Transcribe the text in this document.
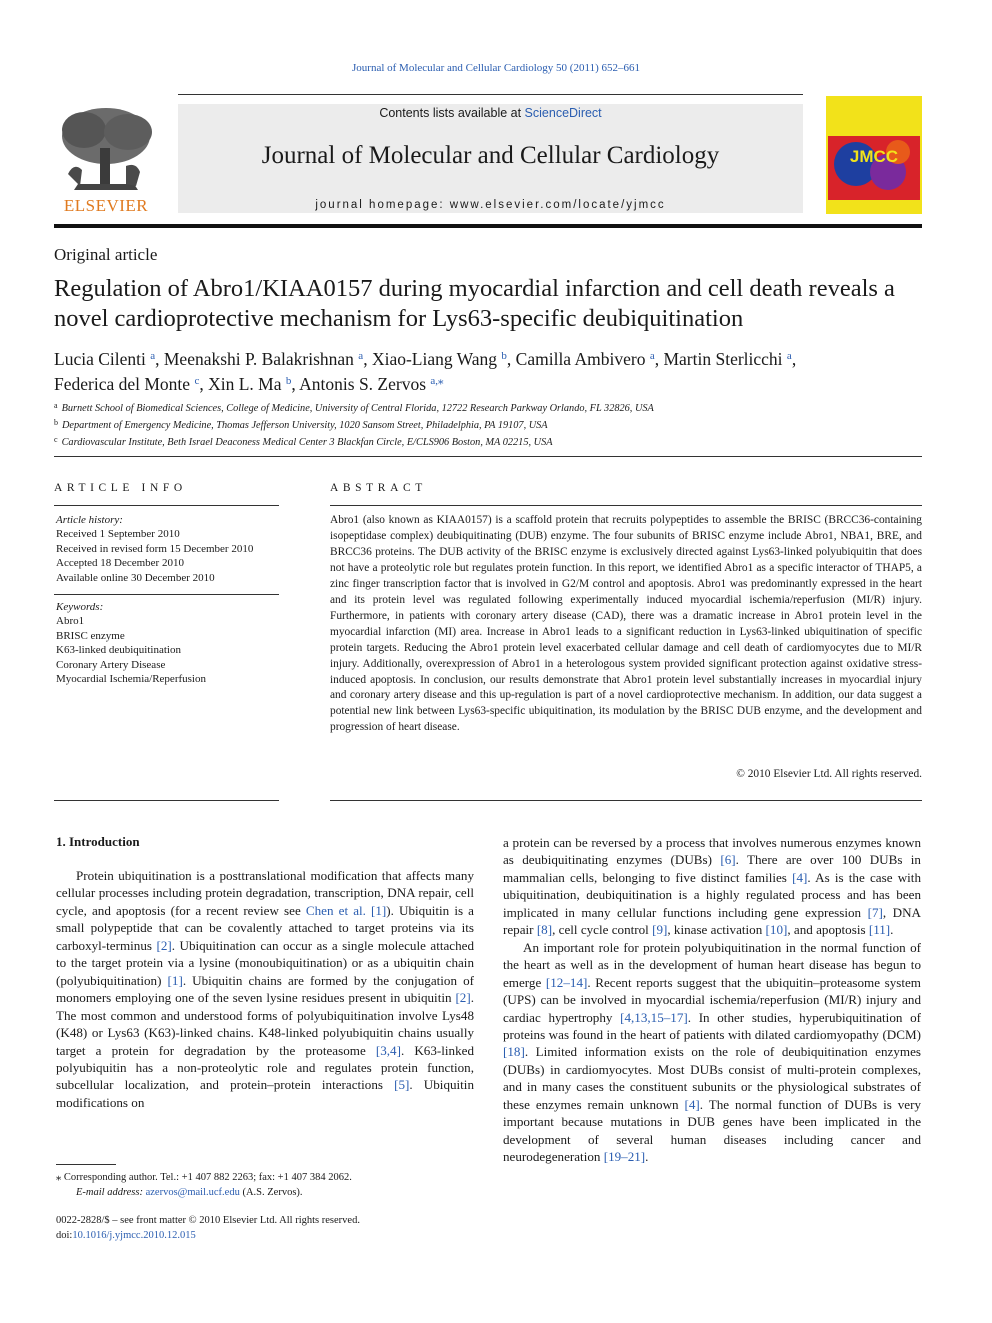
Journal of Molecular and Cellular Cardiology 50 (2011) 652–661
ELSEVIER
Contents lists available at ScienceDirect
Journal of Molecular and Cellular Cardiology
journal homepage: www.elsevier.com/locate/yjmcc
JMCC
Original article
Regulation of Abro1/KIAA0157 during myocardial infarction and cell death reveals a novel cardioprotective mechanism for Lys63-specific deubiquitination
Lucia Cilenti $^a$, Meenakshi P. Balakrishnan $^a$, Xiao-Liang Wang $^b$, Camilla Ambivero $^a$, Martin Sterlicchi $^a$,
Federica del Monte $^c$, Xin L. Ma $^b$, Antonis S. Zervos $^{a,⁎}$
$^a$ Burnett School of Biomedical Sciences, College of Medicine, University of Central Florida, 12722 Research Parkway Orlando, FL 32826, USA
$^b$ Department of Emergency Medicine, Thomas Jefferson University, 1020 Sansom Street, Philadelphia, PA 19107, USA
$^c$ Cardiovascular Institute, Beth Israel Deaconess Medical Center 3 Blackfan Circle, E/CLS906 Boston, MA 02215, USA
ARTICLE INFO
Article history:
Received 1 September 2010
Received in revised form 15 December 2010
Accepted 18 December 2010
Available online 30 December 2010
Keywords:
Abro1
BRISC enzyme
K63-linked deubiquitination
Coronary Artery Disease
Myocardial Ischemia/Reperfusion
ABSTRACT
Abro1 (also known as KIAA0157) is a scaffold protein that recruits polypeptides to assemble the BRISC (BRCC36-containing isopeptidase complex) deubiquitinating (DUB) enzyme. The four subunits of BRISC enzyme include Abro1, NBA1, BRE, and BRCC36 proteins. The DUB activity of the BRISC enzyme is exclusively directed against Lys63-linked polyubiquitin that does not have a proteolytic role but regulates protein function. In this report, we identified Abro1 as a specific interactor of THAP5, a zinc finger transcription factor that is involved in G2/M control and apoptosis. Abro1 was predominantly expressed in the heart and its protein level was regulated following experimentally induced myocardial ischemia/reperfusion (MI/R) injury. Furthermore, in patients with coronary artery disease (CAD), there was a dramatic increase in Abro1 protein level in the myocardial infarction (MI) area. Increase in Abro1 leads to a significant reduction in Lys63-linked ubiquitination of specific protein targets. Reducing the Abro1 protein level exacerbated cellular damage and cell death of cardiomyocytes due to MI/R injury. Additionally, overexpression of Abro1 in a heterologous system provided significant protection against oxidative stress-induced apoptosis. In conclusion, our results demonstrate that Abro1 protein level substantially increases in myocardial injury and coronary artery disease and this up-regulation is part of a novel cardioprotective mechanism. In addition, our data suggest a potential new link between Lys63-specific ubiquitination, its modulation by the BRISC DUB enzyme, and the development and progression of heart disease.
© 2010 Elsevier Ltd. All rights reserved.
1. Introduction

Protein ubiquitination is a posttranslational modification that affects many cellular processes including protein degradation, transcription, DNA repair, cell cycle, and apoptosis (for a recent review see Chen et al. [1]). Ubiquitin is a small polypeptide that can be covalently attached to target proteins via its carboxyl-terminus [2]. Ubiquitination can occur as a single molecule attached to the target protein via a lysine (monoubiquitination) or as a ubiquitin chain (polyubiquitination) [1]. Ubiquitin chains are formed by the conjugation of monomers employing one of the seven lysine residues present in ubiquitin [2]. The most common and understood forms of polyubiquitination involve Lys48 (K48) or Lys63 (K63)-linked chains. K48-linked polyubiquitin chains usually target a protein for degradation by the proteasome [3,4]. K63-linked polyubiquitin has a non-proteolytic role and regulates protein function, subcellular localization, and protein–protein interactions [5]. Ubiquitin modifications on

a protein can be reversed by a process that involves numerous enzymes known as deubiquitinating enzymes (DUBs) [6]. There are over 100 DUBs in mammalian cells, belonging to five distinct families [4]. As is the case with ubiquitination, deubiquitination is a highly regulated process and has been implicated in many cellular functions including gene expression [7], DNA repair [8], cell cycle control [9], kinase activation [10], and apoptosis [11].

An important role for protein polyubiquitination in the normal function of the heart as well as in the development of human heart disease has begun to emerge [12–14]. Recent reports suggest that the ubiquitin–proteasome system (UPS) can be involved in myocardial ischemia/reperfusion (MI/R) injury and cardiac hypertrophy [4,13,15–17]. In other studies, hyperubiquitination of proteins was found in the heart of patients with dilated cardiomyopathy (DCM) [18]. Limited information exists on the role of deubiquitination enzymes (DUBs) in cardiomyocytes. Most DUBs consist of multi-protein complexes, and in many cases the constituent subunits or the physiological substrates of these enzymes remain unknown [4]. The normal function of DUBs is very important because mutations in DUB genes have been implicated in the development of several human diseases including cancer and neurodegeneration [19–21].

⁎ Corresponding author. Tel.: +1 407 882 2263; fax: +1 407 384 2062.
E-mail address: azervos@mail.ucf.edu (A.S. Zervos).
0022-2828/$ – see front matter © 2010 Elsevier Ltd. All rights reserved.
doi:10.1016/j.yjmcc.2010.12.015
